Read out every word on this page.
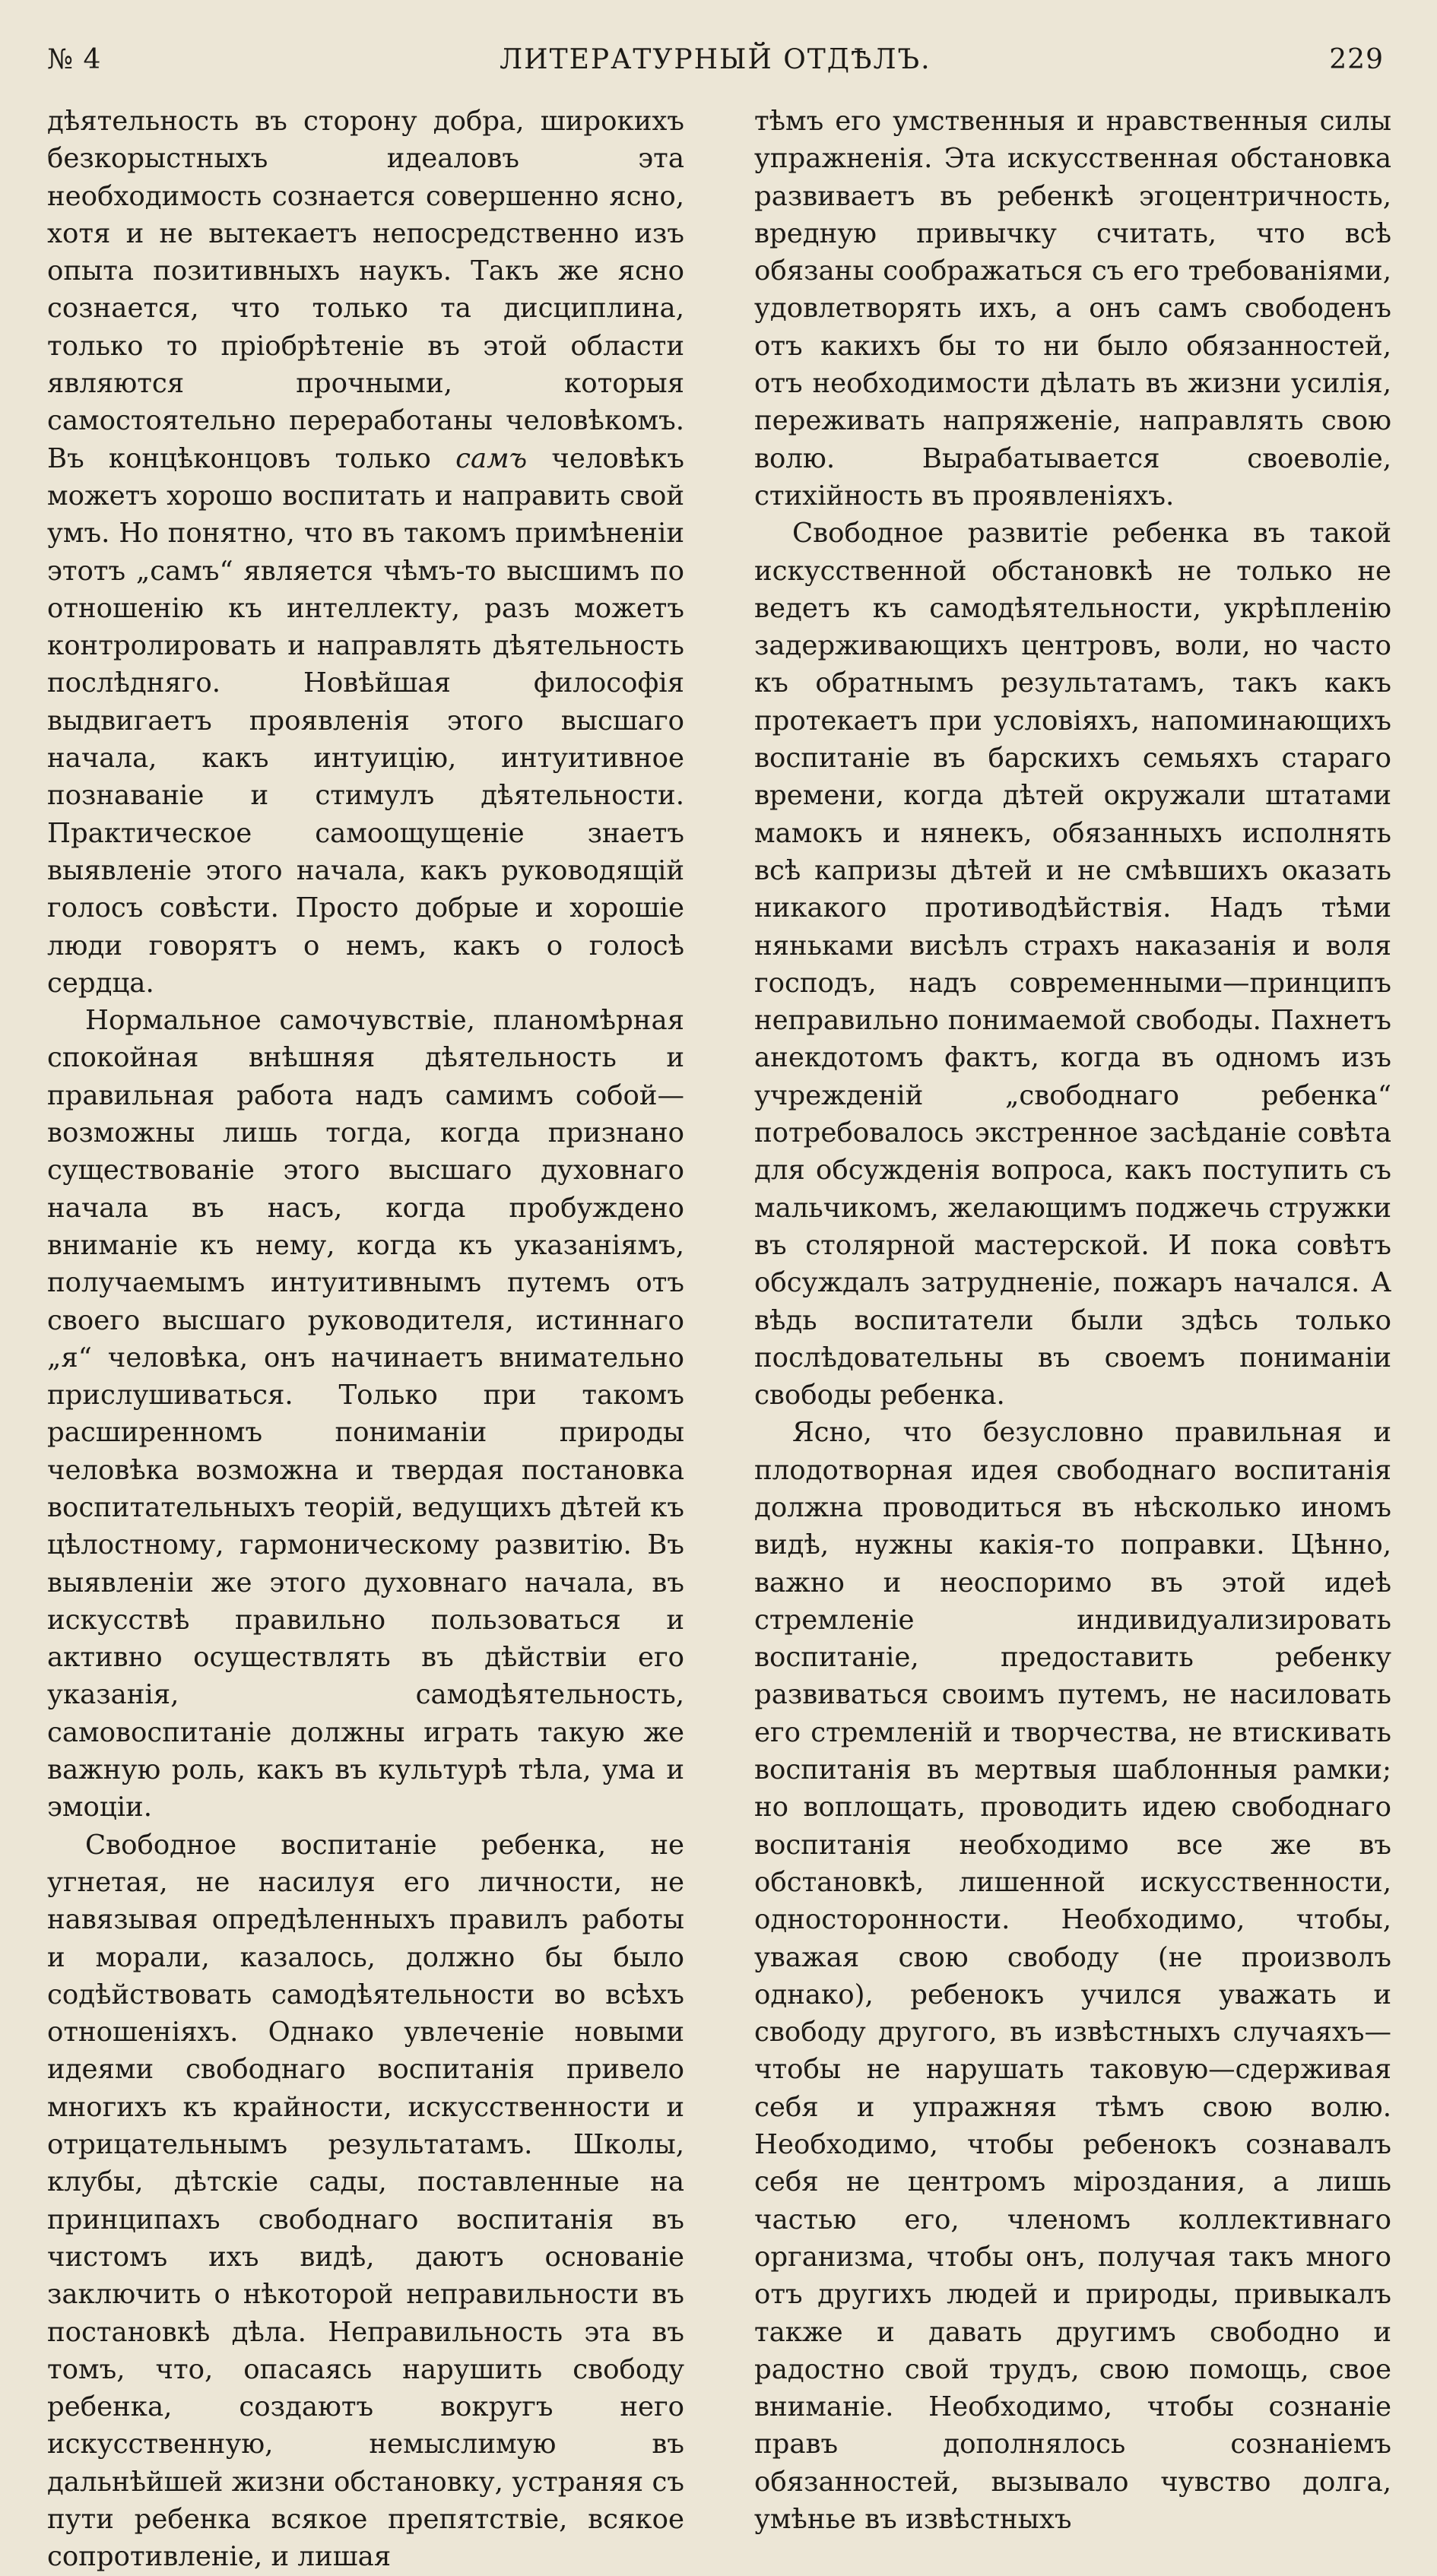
№ 4	ЛИТЕРАТУРНЫЙ ОТДѢЛЪ.	229

дѣятельность въ сторону добра, широкихъ безкорыстныхъ идеаловъ эта необходимость сознается совершенно ясно, хотя и не вытекаетъ непосредственно изъ опыта позитивныхъ наукъ. Такъ же ясно сознается, что только та дисциплина, только то пріобрѣтеніе въ этой области являются прочными, которыя самостоятельно переработаны человѣкомъ. Въ концѣконцовъ только самъ человѣкъ можетъ хорошо воспитать и направить свой умъ. Но понятно, что въ такомъ примѣненіи этотъ „самъ“ является чѣмъ-то высшимъ по отношенію къ интеллекту, разъ можетъ контролировать и направлять дѣятельность послѣдняго. Новѣйшая философія выдвигаетъ проявленія этого высшаго начала, какъ интуицію, интуитивное познаваніе и стимулъ дѣятельности. Практическое самоощущеніе знаетъ выявленіе этого начала, какъ руководящій голосъ совѣсти. Просто добрые и хорошіе люди говорятъ о немъ, какъ о голосѣ сердца.

Нормальное самочувствіе, планомѣрная спокойная внѣшняя дѣятельность и правильная работа надъ самимъ собой—возможны лишь тогда, когда признано существованіе этого высшаго духовнаго начала въ насъ, когда пробуждено вниманіе къ нему, когда къ указаніямъ, получаемымъ интуитивнымъ путемъ отъ своего высшаго руководителя, истиннаго „я“ человѣка, онъ начинаетъ внимательно прислушиваться. Только при такомъ расширенномъ пониманіи природы человѣка возможна и твердая постановка воспитательныхъ теорій, ведущихъ дѣтей къ цѣлостному, гармоническому развитію. Въ выявленіи же этого духовнаго начала, въ искусствѣ правильно пользоваться и активно осуществлять въ дѣйствіи его указанія, самодѣятельность, самовоспитаніе должны играть такую же важную роль, какъ въ культурѣ тѣла, ума и эмоціи.

Свободное воспитаніе ребенка, не угнетая, не насилуя его личности, не навязывая опредѣленныхъ правилъ работы и морали, казалось, должно бы было содѣйствовать самодѣятельности во всѣхъ отношеніяхъ. Однако увлеченіе новыми идеями свободнаго воспитанія привело многихъ къ крайности, искусственности и отрицательнымъ результатамъ. Школы, клубы, дѣтскіе сады, поставленные на принципахъ свободнаго воспитанія въ чистомъ ихъ видѣ, даютъ основаніе заключить о нѣкоторой неправильности въ постановкѣ дѣла. Неправильность эта въ томъ, что, опасаясь нарушить свободу ребенка, создаютъ вокругъ него искусственную, немыслимую въ дальнѣйшей жизни обстановку, устраняя съ пути ребенка всякое препятствіе, всякое сопротивленіе, и лишая

тѣмъ его умственныя и нравственныя силы упражненія. Эта искусственная обстановка развиваетъ въ ребенкѣ эгоцентричность, вредную привычку считать, что всѣ обязаны соображаться съ его требованіями, удовлетворять ихъ, а онъ самъ свободенъ отъ какихъ бы то ни было обязанностей, отъ необходимости дѣлать въ жизни усилія, переживать напряженіе, направлять свою волю. Вырабатывается своеволіе, стихійность въ проявленіяхъ.

Свободное развитіе ребенка въ такой искусственной обстановкѣ не только не ведетъ къ самодѣятельности, укрѣпленію задерживающихъ центровъ, воли, но часто къ обратнымъ результатамъ, такъ какъ протекаетъ при условіяхъ, напоминающихъ воспитаніе въ барскихъ семьяхъ стараго времени, когда дѣтей окружали штатами мамокъ и нянекъ, обязанныхъ исполнять всѣ капризы дѣтей и не смѣвшихъ оказать никакого противодѣйствія. Надъ тѣми няньками висѣлъ страхъ наказанія и воля господъ, надъ современными—принципъ неправильно понимаемой свободы. Пахнетъ анекдотомъ фактъ, когда въ одномъ изъ учрежденій „свободнаго ребенка“ потребовалось экстренное засѣданіе совѣта для обсужденія вопроса, какъ поступить съ мальчикомъ, желающимъ поджечь стружки въ столярной мастерской. И пока совѣтъ обсуждалъ затрудненіе, пожаръ начался. А вѣдь воспитатели были здѣсь только послѣдовательны въ своемъ пониманіи свободы ребенка.

Ясно, что безусловно правильная и плодотворная идея свободнаго воспитанія должна проводиться въ нѣсколько иномъ видѣ, нужны какія-то поправки. Цѣнно, важно и неоспоримо въ этой идеѣ стремленіе индивидуализировать воспитаніе, предоставить ребенку развиваться своимъ путемъ, не насиловать его стремленій и творчества, не втискивать воспитанія въ мертвыя шаблонныя рамки; но воплощать, проводить идею свободнаго воспитанія необходимо все же въ обстановкѣ, лишенной искусственности, односторонности. Необходимо, чтобы, уважая свою свободу (не произволъ однако), ребенокъ учился уважать и свободу другого, въ извѣстныхъ случаяхъ—чтобы не нарушать таковую—сдерживая себя и упражняя тѣмъ свою волю. Необходимо, чтобы ребенокъ сознавалъ себя не центромъ міроздания, а лишь частью его, членомъ коллективнаго организма, чтобы онъ, получая такъ много отъ другихъ людей и природы, привыкалъ также и давать другимъ свободно и радостно свой трудъ, свою помощь, свое вниманіе. Необходимо, чтобы сознаніе правъ дополнялось сознаніемъ обязанностей, вызывало чувство долга, умѣнье въ извѣстныхъ
